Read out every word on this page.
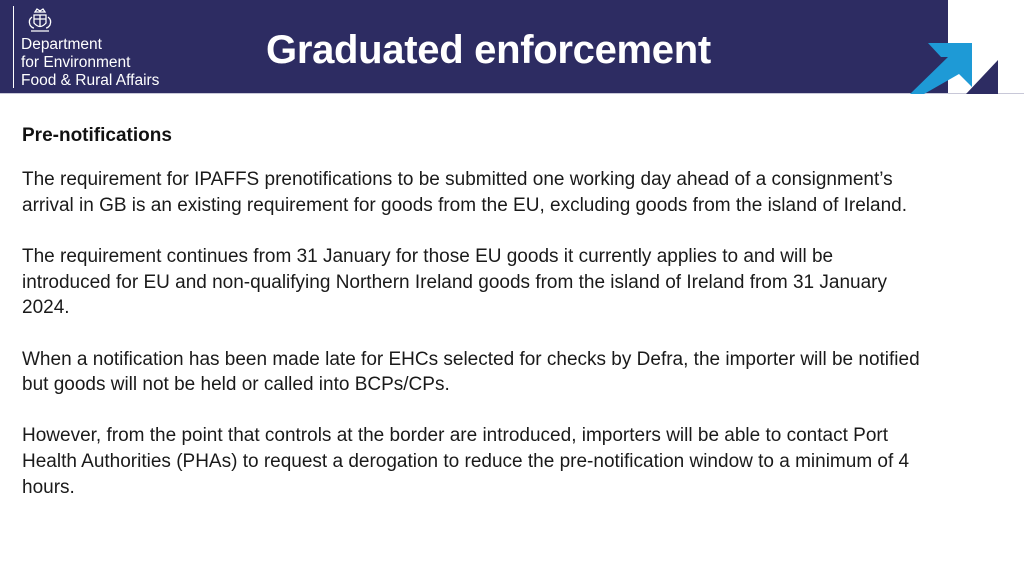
Department
for Environment
Food & Rural Affairs
Graduated enforcement
Pre-notifications

The requirement for IPAFFS prenotifications to be submitted one working day ahead of a consignment’s arrival in GB is an existing requirement for goods from the EU, excluding goods from the island of Ireland.

The requirement continues from 31 January for those EU goods it currently applies to and will be introduced for EU and non-qualifying Northern Ireland goods from the island of Ireland from 31 January 2024.

When a notification has been made late for EHCs selected for checks by Defra, the importer will be notified but goods will not be held or called into BCPs/CPs.

However, from the point that controls at the border are introduced, importers will be able to contact Port Health Authorities (PHAs) to request a derogation to reduce the pre-notification window to a minimum of 4 hours.
